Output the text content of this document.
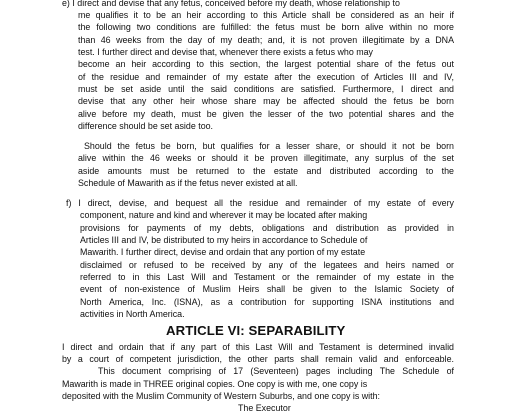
e) I direct and devise that any fetus, conceived before my death, whose relationship to
me qualifies it to be an heir according to this Article shall be considered as an heir if
the following two conditions are fulfilled: the fetus must be born alive within no more
than 46 weeks from the day of my death; and, it is not proven illegitimate by a DNA
test. I further direct and devise that, whenever there exists a fetus who may
become an heir according to this section, the largest potential share of the fetus out
of the residue and remainder of my estate after the execution of Articles III and IV,
must be set aside until the said conditions are satisfied. Furthermore, I direct and
devise that any other heir whose share may be affected should the fetus be born
alive before my death, must be given the lesser of the two potential shares and the
difference should be set aside too.
Should the fetus be born, but qualifies for a lesser share, or should it not be born
alive within the 46 weeks or should it be proven illegitimate, any surplus of the set
aside amounts must be returned to the estate and distributed according to the
Schedule of Mawarith as if the fetus never existed at all.
f) I direct, devise, and bequest all the residue and remainder of my estate of every
component, nature and kind and wherever it may be located after making
provisions for payments of my debts, obligations and distribution as provided in
Articles III and IV, be distributed to my heirs in accordance to Schedule of
Mawarith. I further direct, devise and ordain that any portion of my estate
disclaimed or refused to be received by any of the legatees and heirs named or
referred to in this Last Will and Testament or the remainder of my estate in the
event of non-existence of Muslim Heirs shall be given to the Islamic Society of
North America, Inc. (ISNA), as a contribution for supporting ISNA institutions and
activities in North America.
ARTICLE VI: SEPARABILITY
I direct and ordain that if any part of this Last Will and Testament is determined invalid
by a court of competent jurisdiction, the other parts shall remain valid and enforceable.
This document comprising of 17 (Seventeen) pages including The Schedule of
Mawarith is made in THREE original copies. One copy is with me, one copy is
deposited with the Muslim Community of Western Suburbs, and one copy is with:
The Executor
